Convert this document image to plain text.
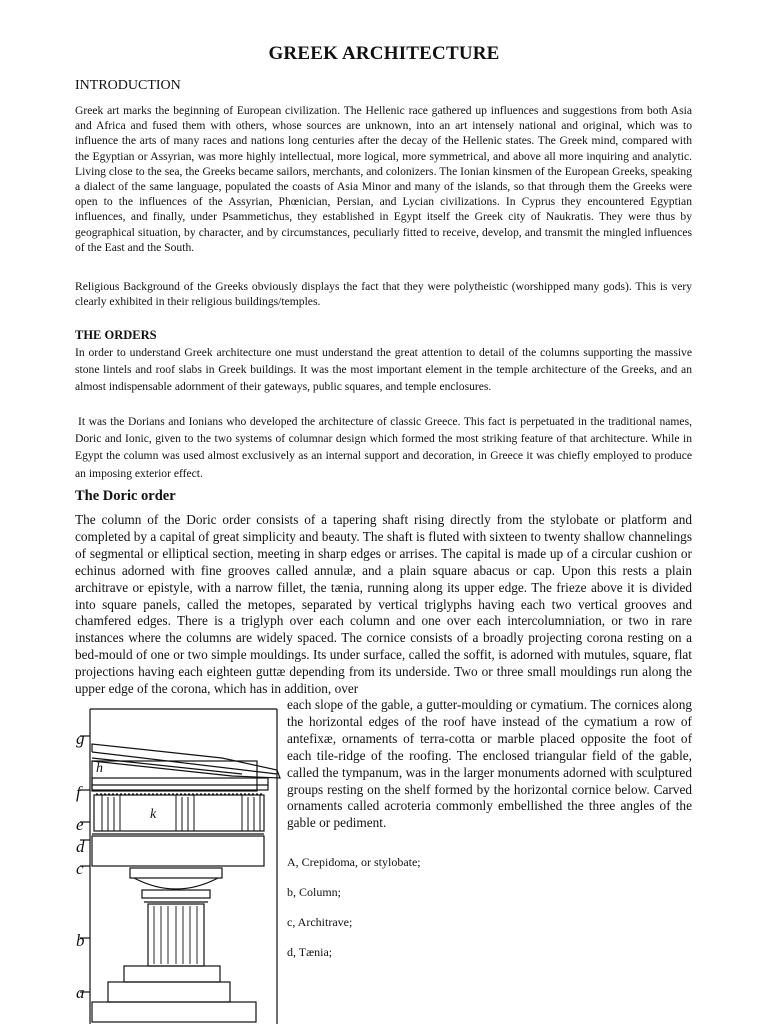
GREEK ARCHITECTURE
INTRODUCTION

Greek art marks the beginning of European civilization. The Hellenic race gathered up influences and suggestions from both Asia and Africa and fused them with others, whose sources are unknown, into an art intensely national and original, which was to influence the arts of many races and nations long centuries after the decay of the Hellenic states. The Greek mind, compared with the Egyptian or Assyrian, was more highly intellectual, more logical, more symmetrical, and above all more inquiring and analytic. Living close to the sea, the Greeks became sailors, merchants, and colonizers. The Ionian kinsmen of the European Greeks, speaking a dialect of the same language, populated the coasts of Asia Minor and many of the islands, so that through them the Greeks were open to the influences of the Assyrian, Phœnician, Persian, and Lycian civilizations. In Cyprus they encountered Egyptian influences, and finally, under Psammetichus, they established in Egypt itself the Greek city of Naukratis. They were thus by geographical situation, by character, and by circumstances, peculiarly fitted to receive, develop, and transmit the mingled influences of the East and the South.

Religious Background of the Greeks obviously displays the fact that they were polytheistic (worshipped many gods). This is very clearly exhibited in their religious buildings/temples.

THE ORDERS

In order to understand Greek architecture one must understand the great attention to detail of the columns supporting the massive stone lintels and roof slabs in Greek buildings. It was the most important element in the temple architecture of the Greeks, and an almost indispensable adornment of their gateways, public squares, and temple enclosures.

It was the Dorians and Ionians who developed the architecture of classic Greece. This fact is perpetuated in the traditional names, Doric and Ionic, given to the two systems of columnar design which formed the most striking feature of that architecture. While in Egypt the column was used almost exclusively as an internal support and decoration, in Greece it was chiefly employed to produce an imposing exterior effect.

The Doric order

The column of the Doric order consists of a tapering shaft rising directly from the stylobate or platform and completed by a capital of great simplicity and beauty. The shaft is fluted with sixteen to twenty shallow channelings of segmental or elliptical section, meeting in sharp edges or arrises. The capital is made up of a circular cushion or echinus adorned with fine grooves called annulæ, and a plain square abacus or cap. Upon this rests a plain architrave or epistyle, with a narrow fillet, the tænia, running along its upper edge. The frieze above it is divided into square panels, called the metopes, separated by vertical triglyphs having each two vertical grooves and chamfered edges. There is a triglyph over each column and one over each intercolumniation, or two in rare instances where the columns are widely spaced. The cornice consists of a broadly projecting corona resting on a bed-mould of one or two simple mouldings. Its under surface, called the soffit, is adorned with mutules, square, flat projections having each eighteen guttæ depending from its underside. Two or three small mouldings run along the upper edge of the corona, which has in addition, over

each slope of the gable, a gutter-moulding or cymatium. The cornices along the horizontal edges of the roof have instead of the cymatium a row of antefixæ, ornaments of terra-cotta or marble placed opposite the foot of each tile-ridge of the roofing. The enclosed triangular field of the gable, called the tympanum, was in the larger monuments adorned with sculptured groups resting on the shelf formed by the horizontal cornice below. Carved ornaments called acroteria commonly embellished the three angles of the gable or pediment.

A, Crepidoma, or stylobate;
b, Column;
c, Architrave;
d, Tænia;
g
h
f
k
e
d
c
b
a
